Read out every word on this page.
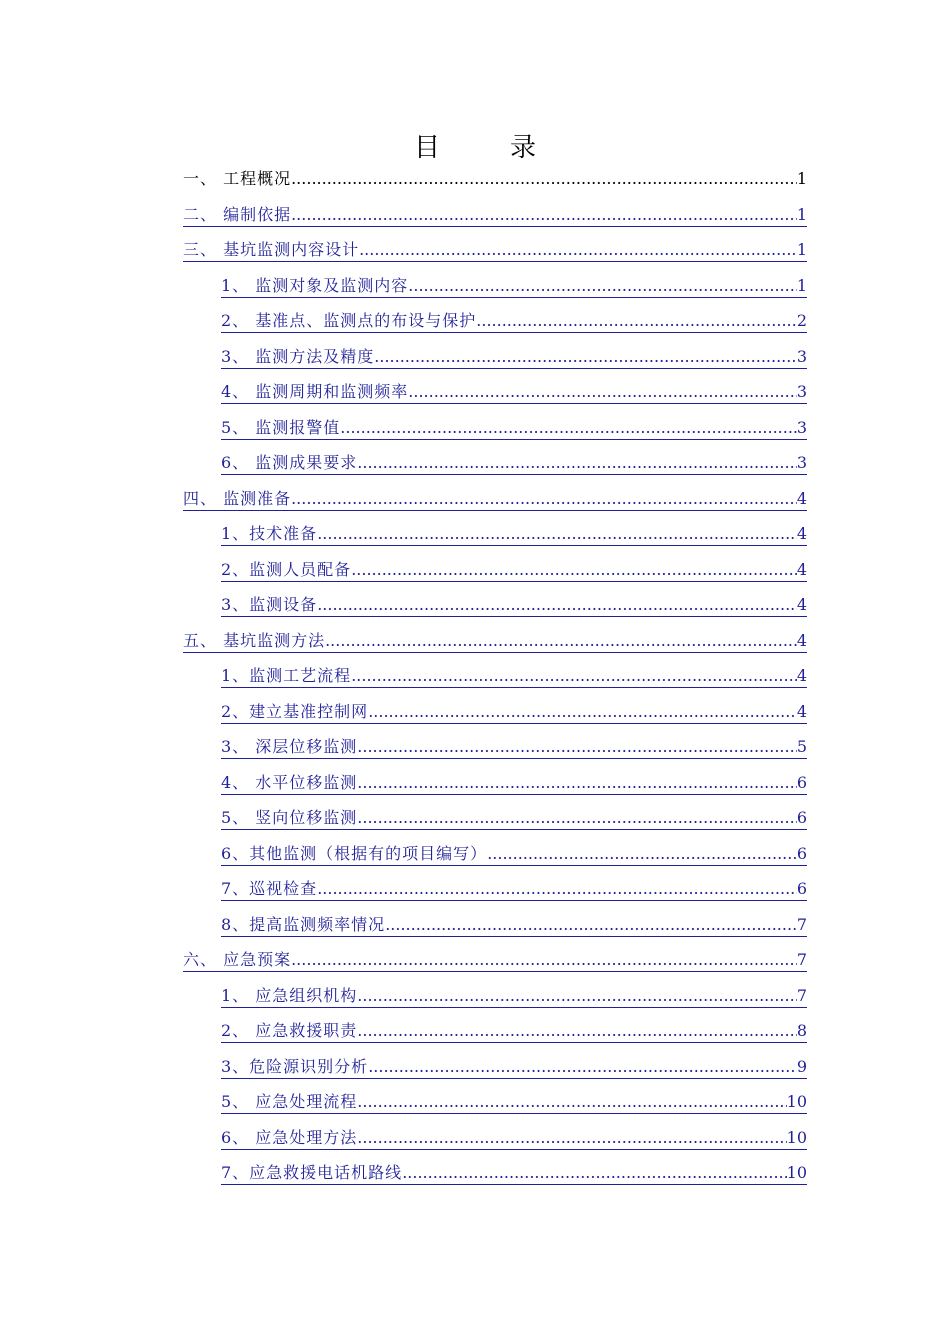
目　录
一、 工程概况 .....	1
二、 编制依据 .....	1
三、 基坑监测内容设计 .....	1
1、 监测对象及监测内容 .....	1
2、 基准点、监测点的布设与保护 .....	2
3、 监测方法及精度 .....	3
4、 监测周期和监测频率 .....	3
5、 监测报警值 .....	3
6、 监测成果要求 .....	3
四、 监测准备 .....	4
1、技术准备 .....	4
2、监测人员配备 .....	4
3、监测设备 .....	4
五、 基坑监测方法 .....	4
1、监测工艺流程 .....	4
2、建立基准控制网 .....	4
3、 深层位移监测 .....	5
4、 水平位移监测 .....	6
5、 竖向位移监测 .....	6
6、其他监测（根据有的项目编写） .....	6
7、巡视检查 .....	6
8、提高监测频率情况 .....	7
六、 应急预案 .....	7
1、 应急组织机构 .....	7
2、 应急救援职责 .....	8
3、危险源识别分析 .....	9
5、 应急处理流程 .....	10
6、 应急处理方法 .....	10
7、应急救援电话机路线 .....	10
